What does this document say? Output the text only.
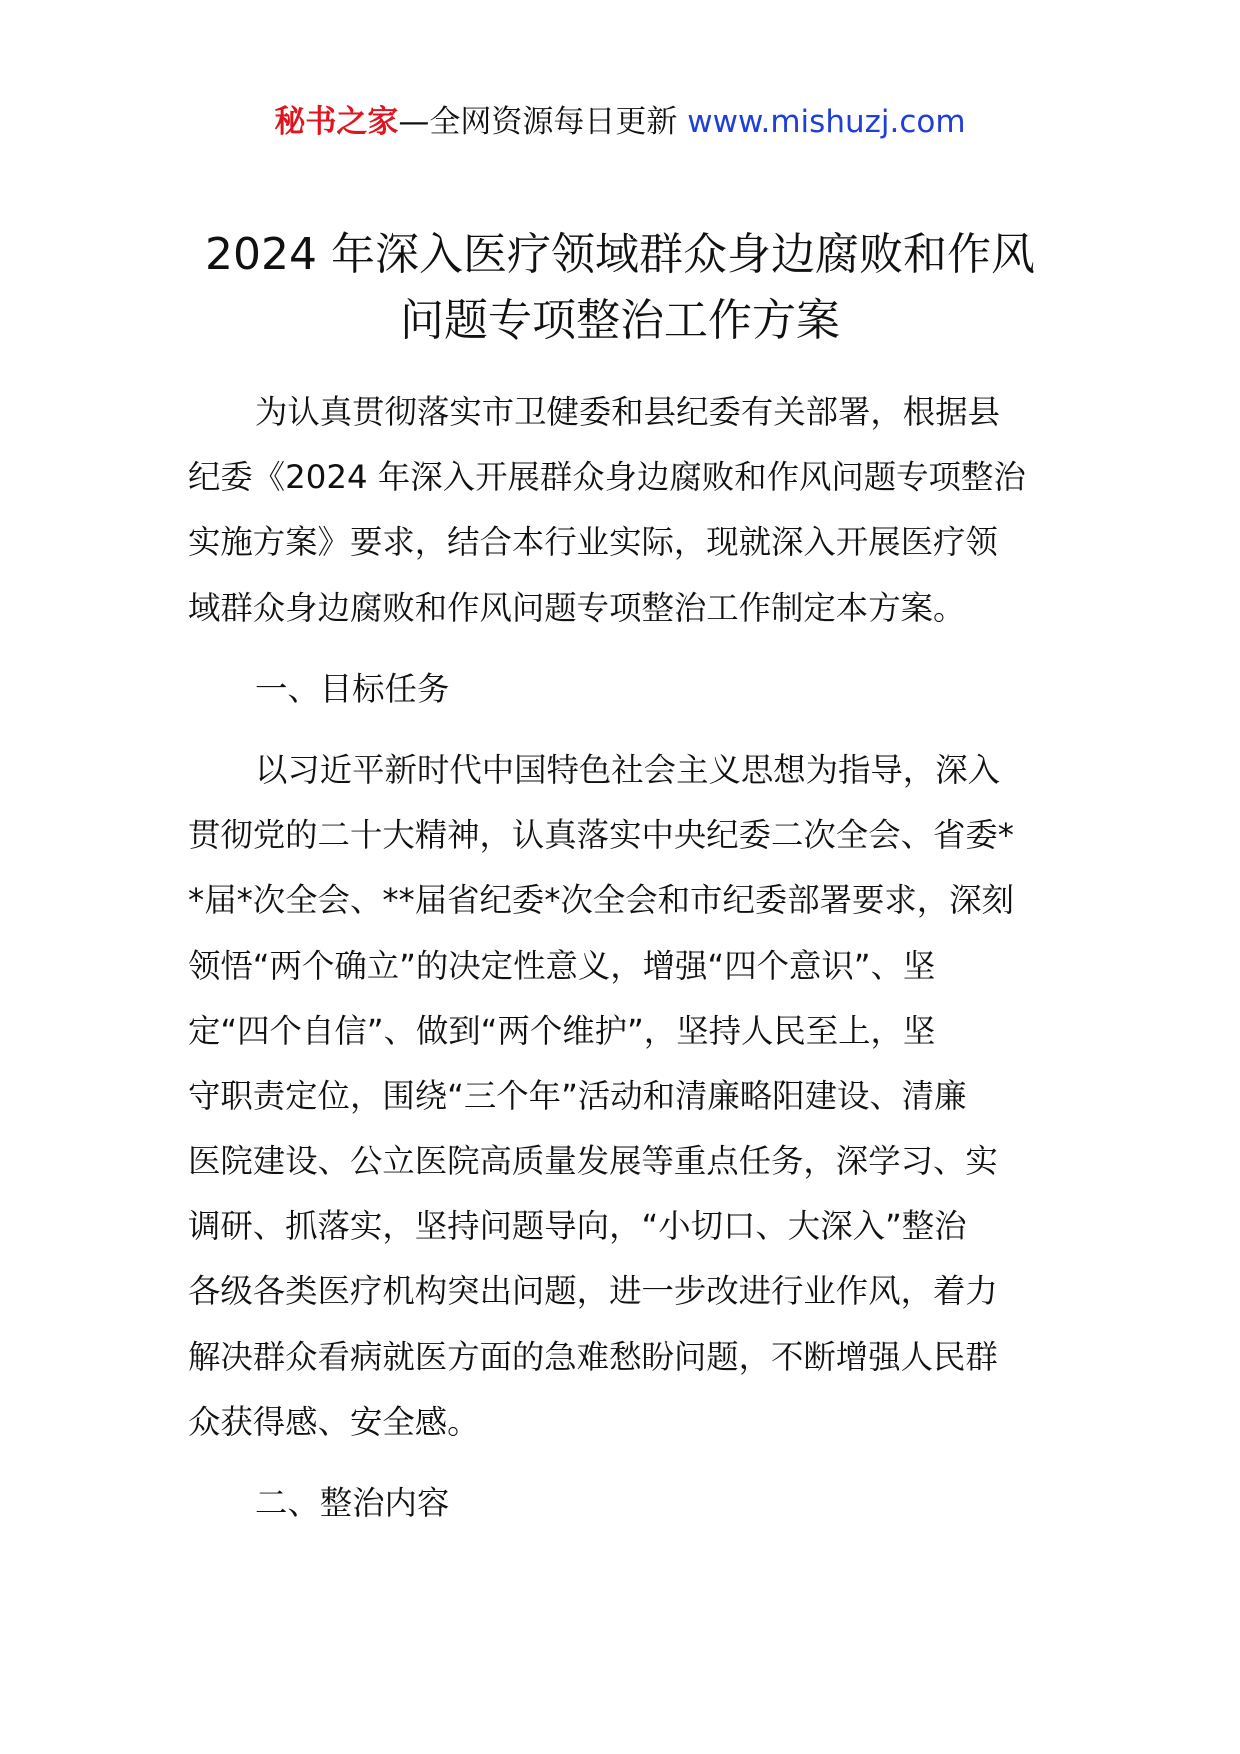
秘书之家—全网资源每日更新 www.mishuzj.com
2024 年深入医疗领域群众身边腐败和作风
问题专项整治工作方案
为认真贯彻落实市卫健委和县纪委有关部署，根据县
纪委《2024 年深入开展群众身边腐败和作风问题专项整治
实施方案》要求，结合本行业实际，现就深入开展医疗领
域群众身边腐败和作风问题专项整治工作制定本方案。
一、目标任务
以习近平新时代中国特色社会主义思想为指导，深入
贯彻党的二十大精神，认真落实中央纪委二次全会、省委*
*届*次全会、**届省纪委*次全会和市纪委部署要求，深刻
领悟“两个确立”的决定性意义，增强“四个意识”、坚
定“四个自信”、做到“两个维护”，坚持人民至上，坚
守职责定位，围绕“三个年”活动和清廉略阳建设、清廉
医院建设、公立医院高质量发展等重点任务，深学习、实
调研、抓落实，坚持问题导向，“小切口、大深入”整治
各级各类医疗机构突出问题，进一步改进行业作风，着力
解决群众看病就医方面的急难愁盼问题，不断增强人民群
众获得感、安全感。
二、整治内容
